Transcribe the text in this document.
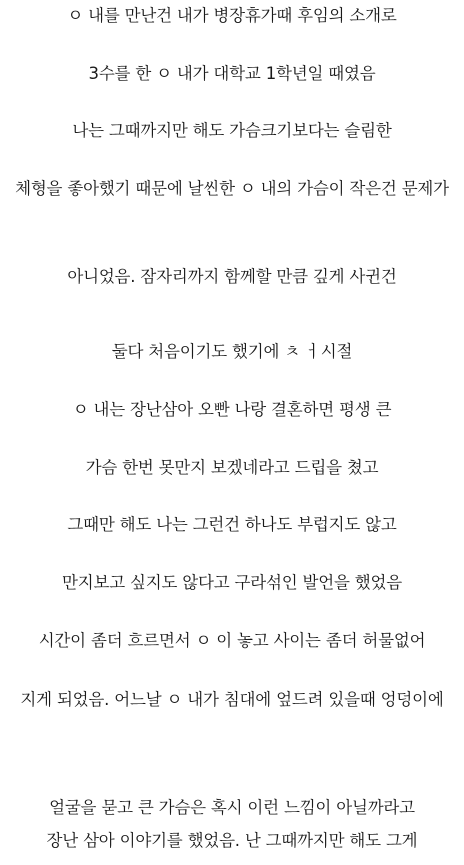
ㅇ 내를 만난건 내가 병장휴가때 후임의 소개로
3수를 한 ㅇ 내가 대학교 1학년일 때였음
나는 그때까지만 해도 가슴크기보다는 슬림한
체형을 좋아했기 때문에 날씬한 ㅇ 내의 가슴이 작은건 문제가
아니었음. 잠자리까지 함께할 만큼 깊게 사귄건
둘다 처음이기도 했기에 ㅊ ㅓ시절
ㅇ 내는 장난삼아 오빤 나랑 결혼하면 평생 큰
가슴 한번 못만지 보겠네라고 드립을 쳤고
그때만 해도 나는 그런건 하나도 부럽지도 않고
만지보고 싶지도 않다고 구라섞인 발언을 했었음
시간이 좀더 흐르면서 ㅇ 이 놓고 사이는 좀더 허물없어
지게 되었음. 어느날 ㅇ 내가 침대에 엎드려 있을때 엉덩이에
얼굴을 묻고 큰 가슴은 혹시 이런 느낌이 아닐까라고
장난 삼아 이야기를 했었음. 난 그때까지만 해도 그게
